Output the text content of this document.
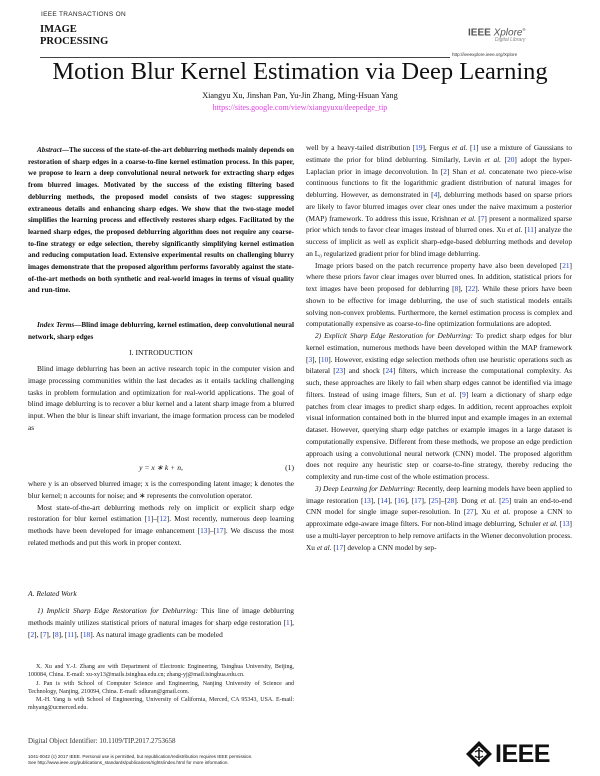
IEEE TRANSACTIONS ON
IMAGE
PROCESSING
IEEE Xplore®
Digital Library
http://ieeexplore.ieee.org/Xplore
Motion Blur Kernel Estimation via Deep Learning
Xiangyu Xu, Jinshan Pan, Yu-Jin Zhang, Ming-Hsuan Yang
https://sites.google.com/view/xiangyuxu/deepedge_tip

Abstract—The success of the state-of-the-art deblurring methods mainly depends on restoration of sharp edges in a coarse-to-fine kernel estimation process. In this paper, we propose to learn a deep convolutional neural network for extracting sharp edges from blurred images. Motivated by the success of the existing filtering based deblurring methods, the proposed model consists of two stages: suppressing extraneous details and enhancing sharp edges. We show that the two-stage model simplifies the learning process and effectively restores sharp edges. Facilitated by the learned sharp edges, the proposed deblurring algorithm does not require any coarse-to-fine strategy or edge selection, thereby significantly simplifying kernel estimation and reducing computation load. Extensive experimental results on challenging blurry images demonstrate that the proposed algorithm performs favorably against the state-of-the-art methods on both synthetic and real-world images in terms of visual quality and run-time.

Index Terms—Blind image deblurring, kernel estimation, deep convolutional neural network, sharp edges

I. INTRODUCTION

Blind image deblurring has been an active research topic in the computer vision and image processing communities within the last decades as it entails tackling challenging tasks in problem formulation and optimization for real-world applications. The goal of blind image deblurring is to recover a blur kernel and a latent sharp image from a blurred input. When the blur is linear shift invariant, the image formation process can be modeled as

y = x ∗ k + n,	(1)

where y is an observed blurred image; x is the corresponding latent image; k denotes the blur kernel; n accounts for noise; and ∗ represents the convolution operator.

Most state-of-the-art deblurring methods rely on implicit or explicit sharp edge restoration for blur kernel estimation [1]–[12]. Most recently, numerous deep learning methods have been developed for image enhancement [13]–[17]. We discuss the most related methods and put this work in proper context.

A. Related Work

1) Implicit Sharp Edge Restoration for Deblurring: This line of image deblurring methods mainly utilizes statistical priors of natural images for sharp edge restoration [1], [2], [7], [8], [11], [18]. As natural image gradients can be modeled

X. Xu and Y.-J. Zhang are with Department of Electronic Engineering, Tsinghua University, Beijing, 100084, China. E-mail: xu-xy13@mails.tsinghua.edu.cn; zhang-yj@mail.tsinghua.edu.cn.

J. Pan is with School of Computer Science and Engineering, Nanjing University of Science and Technology, Nanjing, 210094, China. E-mail: sdluran@gmail.com.

M.-H. Yang is with School of Engineering, University of California, Merced, CA 95343, USA. E-mail: mhyang@ucmerced.edu.

Digital Object Identifier: 10.1109/TIP.2017.2753658
1041-0042 (c) 2017 IEEE. Personal use is permitted, but republication/redistribution requires IEEE permission.
See http://www.ieee.org/publications_standards/publications/rights/index.html for more information.

well by a heavy-tailed distribution [19], Fergus et al. [1] use a mixture of Gaussians to estimate the prior for blind deblurring. Similarly, Levin et al. [20] adopt the hyper-Laplacian prior in image deconvolution. In [2] Shan et al. concatenate two piece-wise continuous functions to fit the logarithmic gradient distribution of natural images for deblurring. However, as demonstrated in [4], deblurring methods based on sparse priors are likely to favor blurred images over clear ones under the naive maximum a posterior (MAP) framework. To address this issue, Krishnan et al. [7] present a normalized sparse prior which tends to favor clear images instead of blurred ones. Xu et al. [11] analyze the success of implicit as well as explicit sharp-edge-based deblurring methods and develop an L₀ regularized gradient prior for blind image deblurring.

Image priors based on the patch recurrence property have also been developed [21] where these priors favor clear images over blurred ones. In addition, statistical priors for text images have been proposed for deblurring [8], [22]. While these priors have been shown to be effective for image deblurring, the use of such statistical models entails solving non-convex problems. Furthermore, the kernel estimation process is complex and computationally expensive as coarse-to-fine optimization formulations are adopted.

2) Explicit Sharp Edge Restoration for Deblurring: To predict sharp edges for blur kernel estimation, numerous methods have been developed within the MAP framework [3], [10]. However, existing edge selection methods often use heuristic operations such as bilateral [23] and shock [24] filters, which increase the computational complexity. As such, these approaches are likely to fail when sharp edges cannot be identified via image filters. Instead of using image filters, Sun et al. [9] learn a dictionary of sharp edge patches from clear images to predict sharp edges. In addition, recent approaches exploit visual information contained both in the blurred input and example images in an external dataset. However, querying sharp edge patches or example images in a large dataset is computationally expensive. Different from these methods, we propose an edge prediction approach using a convolutional neural network (CNN) model. The proposed algorithm does not require any heuristic step or coarse-to-fine strategy, thereby reducing the complexity and run-time cost of the whole estimation process.

3) Deep Learning for Deblurring: Recently, deep learning models have been applied to image restoration [13], [14], [16], [17], [25]–[28]. Dong et al. [25] train an end-to-end CNN model for single image super-resolution. In [27], Xu et al. propose a CNN to approximate edge-aware image filters. For non-blind image deblurring, Schuler et al. [13] use a multi-layer perceptron to help remove artifacts in the Wiener deconvolution process. Xu et al. [17] develop a CNN model by sep-

IEEE
